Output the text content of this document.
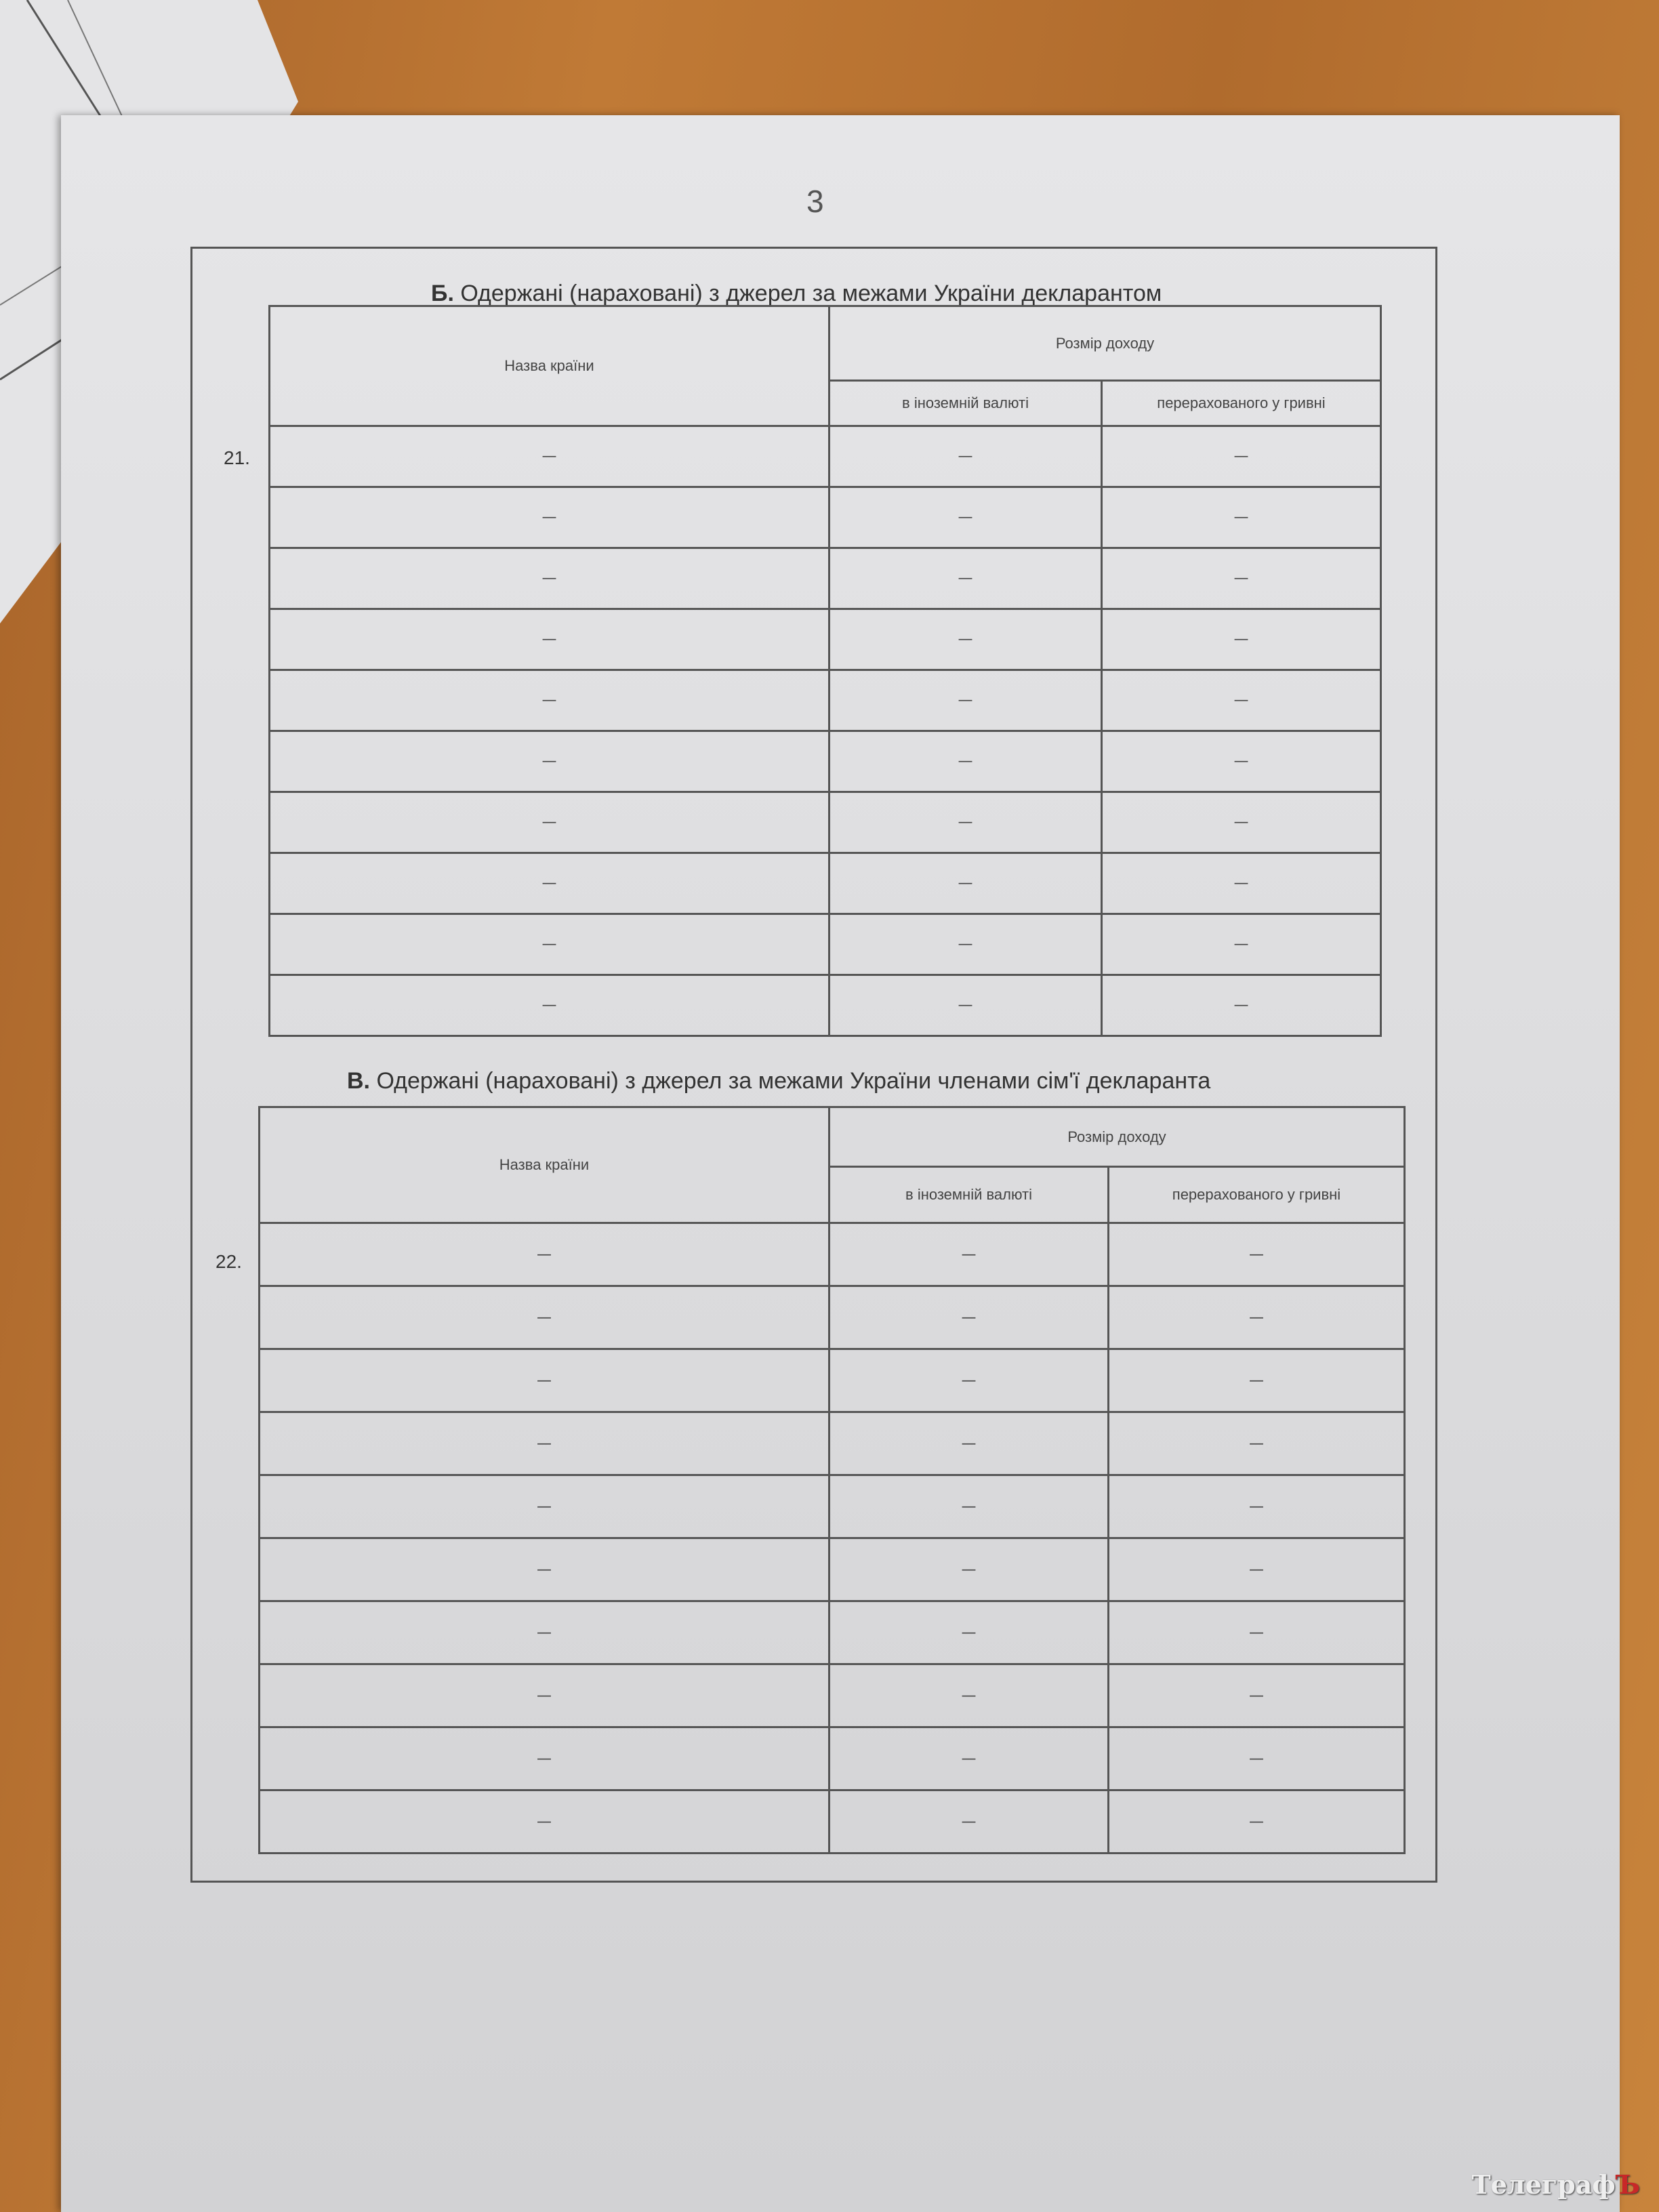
3
Б. Одержані (нараховані) з джерел за межами України декларантом
21.
Назва країни	Розмір доходу	
	в іноземній валюті	перерахованого у гривні
—	—	—
—	—	—
—	—	—
—	—	—
—	—	—
—	—	—
—	—	—
—	—	—
—	—	—
—	—	—
В. Одержані (нараховані) з джерел за межами України членами сім'ї декларанта
22.
Назва країни	Розмір доходу	
	в іноземній валюті	перерахованого у гривні
—	—	—
—	—	—
—	—	—
—	—	—
—	—	—
—	—	—
—	—	—
—	—	—
—	—	—
—	—	—
ТелеграфЪ
